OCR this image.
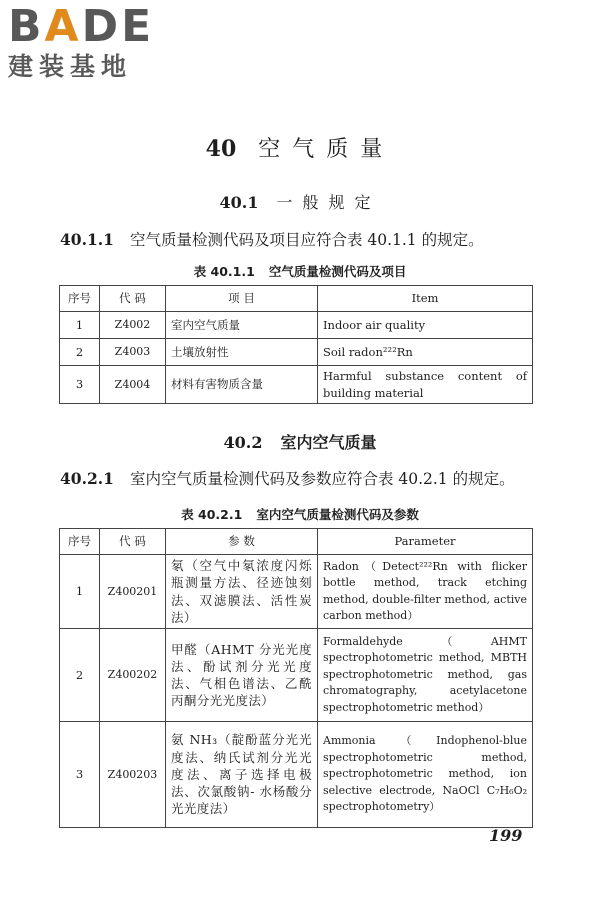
BADE
建装基地
40 空气质量
40.1 一般规定
40.1.1 空气质量检测代码及项目应符合表 40.1.1 的规定。
表 40.1.1 空气质量检测代码及项目
序号	代 码	项 目	Item
1	Z4002	室内空气质量	Indoor air quality
2	Z4003	土壤放射性	Soil radon²²²Rn
3	Z4004	材料有害物质含量	Harmful substance content of building material
40.2 室内空气质量
40.2.1 室内空气质量检测代码及参数应符合表 40.2.1 的规定。
表 40.2.1 室内空气质量检测代码及参数
序号	代 码	参 数	Parameter
1	Z400201	氡（空气中氡浓度闪烁瓶测量方法、径迹蚀刻法、双滤膜法、活性炭法）	Radon（Detect²²²Rn with flicker bottle method, track etching method, double-filter method, active carbon method）
2	Z400202	甲醛（AHMT 分光光度法、酚试剂分光光度法、气相色谱法、乙酰丙酮分光光度法）	Formaldehyde（AHMT spectrophotometric method, MBTH spectrophotometric method, gas chromatography, acetylacetone spectrophotometric method）
3	Z400203	氨 NH₃（靛酚蓝分光光度法、纳氏试剂分光光度法、离子选择电极法、次氯酸钠- 水杨酸分光光度法）	Ammonia（Indophenol-blue spectrophotometric method, spectrophotometric method, ion selective electrode, NaOCl C₇H₆O₂ spectrophotometry）
199
